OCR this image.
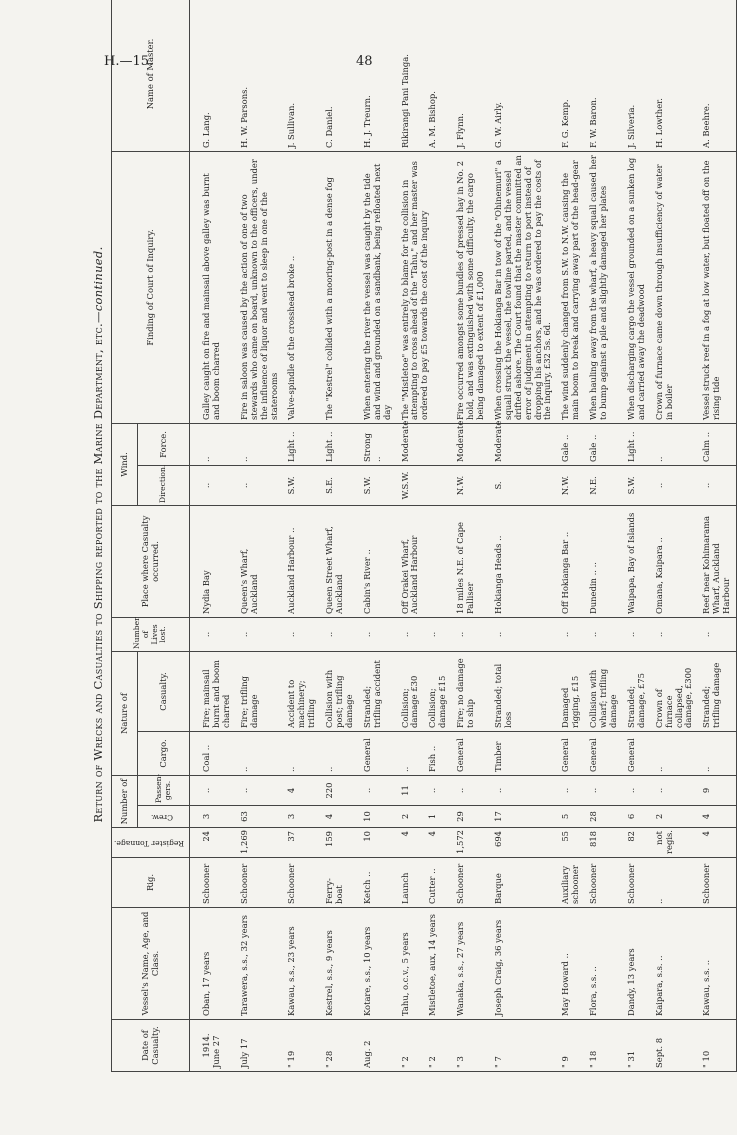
H.—15.	48
Return of Wrecks and Casualties to Shipping reported to the Marine Department, etc.—continued.
Date of Casualty.	Vessel's Name, Age, and Class.	Rig.	Register Tonnage.	Number of		Nature of		Number of Lives lost.	Place where Casualty occurred.	Wind.		Finding of Court of Inquiry.	Name of Master.
				Crew.	Passen-gers.	Cargo.	Casualty.			Direction.	Force.		

1914.
June 27	Oban, 17 years	Schooner	24	3	..	Coal ..	Fire; mainsail burnt and boom charred	..	Nydia Bay	..	..	Galley caught on fire and mainsail above galley was burnt and boom charred	G. Lang.
July 17	Tarawera, s.s., 32 years	Schooner	1,269	63	..	..	Fire; trifling damage	..	Queen's Wharf, Auckland	..	..	Fire in saloon was caused by the action of one of two stewards who came on board, unknown to the officers, under the influence of liquor and went to sleep in one of the staterooms	H. W. Parsons.
" 19	Kawau, s.s., 23 years	Schooner	37	3	4	..	Accident to machinery; trifling	..	Auckland Harbour ..	S.W.	Light ..	Valve-spindle of the crosshead broke ..	J. Sullivan.
" 28	Kestrel, s.s., 9 years	Ferry-boat	159	4	220	..	Collision with post; trifling damage	..	Queen Street Wharf, Auckland	S.E.	Light ..	The "Kestrel" collided with a mooring-post in a dense fog	C. Daniel.
Aug. 2	Kotare, s.s., 10 years	Ketch ..	10	10	..	General	Stranded; trifling accident	..	Cabin's River ..	S.W.	Strong ..	When entering the river the vessel was caught by the tide and wind and grounded on a sandbank, being refloated next day	H. J. Treurn.
" 2	Tahu, o.c.v., 5 years	Launch	4	2	11	..	Collision; damage £30	..	Off Orakei Wharf, Auckland Harbour	W.S.W.	Moderate	The "Mistletoe" was entirely to blame for the collision in attempting to cross ahead of the "Tahu," and her master was ordered to pay £5 towards the cost of the inquiry	Rikirangi Pani Tainga.
" 2	Mistletoe, aux, 14 years	Cutter ..	4	1	..	Fish ..	Collision; damage £15	..					A. M. Bishop.
" 3	Wanaka, s.s., 27 years	Schooner	1,572	29	..	General	Fire; no damage to ship	..	18 miles N.E. of Cape Palliser	N.W.	Moderate	Fire occurred amongst some bundles of pressed hay in No. 2 hold, and was extinguished with some difficulty, the cargo being damaged to extent of £1,000	J. Flynn.
" 7	Joseph Craig, 36 years	Barque	694	17	..	Timber	Stranded; total loss	..	Hokianga Heads ..	S.	Moderate	When crossing the Hokianga Bar in tow of the "Ohinemuri" a squall struck the vessel, the towline parted, and the vessel drifted ashore. The Court found that the master committed an error of judgment in attempting to return to port instead of dropping his anchors, and he was ordered to pay the costs of the inquiry, £32 5s. 6d.	G. W. Airly.
" 9	May Howard ..	Auxiliary schooner	55	5	..	General	Damaged rigging, £15	..	Off Hokianga Bar ..	N.W.	Gale ..	The wind suddenly changed from S.W. to N.W. causing the main boom to break and carrying away part of the head-gear	F. G. Kemp.
" 18	Flora, s.s. ..	Schooner	818	28	..	General	Collision with wharf; trifling damage	..	Dunedin .. ..	N.E.	Gale ..	When hauling away from the wharf, a heavy squall caused her to bump against a pile and slightly damaged her plates	F. W. Baron.
" 31	Dandy, 13 years	Schooner	82	6	..	General	Stranded; damage, £75	..	Waipapa, Bay of Islands	S.W.	Light ..	When discharging cargo the vessel grounded on a sunken log and carried away the deadwood	J. Silveria.
Sept. 8	Kaipara, s.s. ..	..	not regis.	2	..	..	Crown of furnace collapsed, damage, £300	..	Omana, Kaipara ..	..	..	Crown of furnace came down through insufficiency of water in boiler	H. Lowther.
" 10	Kawau, s.s. ..	Schooner	4	4	9	..	Stranded; trifling damage	..	Reef near Kohimarama Wharf, Auckland Harbour	..	Calm ..	Vessel struck reef in a fog at low water, but floated off on the rising tide	A. Beehre.
